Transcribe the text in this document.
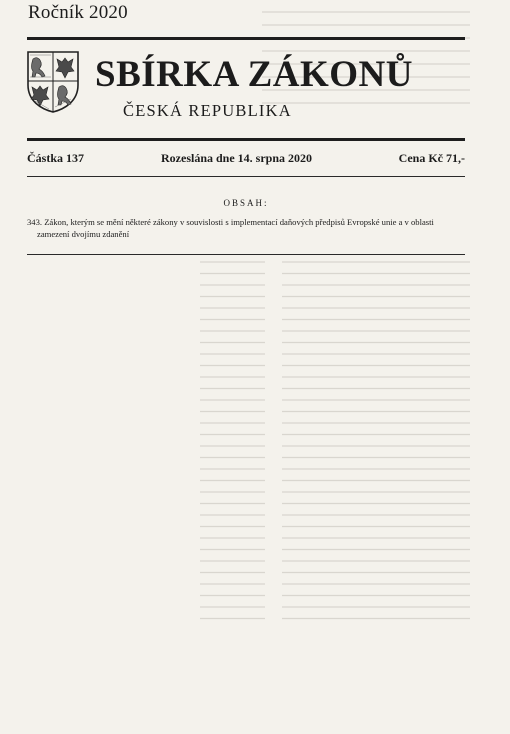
Ročník 2020
SBÍRKA ZÁKONŮ
ČESKÁ REPUBLIKA
Částka 137	Rozeslána dne 14. srpna 2020	Cena Kč 71,-
OBSAH:
343. Zákon, kterým se mění některé zákony v souvislosti s implementací daňových předpisů Evropské unie a v oblasti
zamezení dvojímu zdanění
